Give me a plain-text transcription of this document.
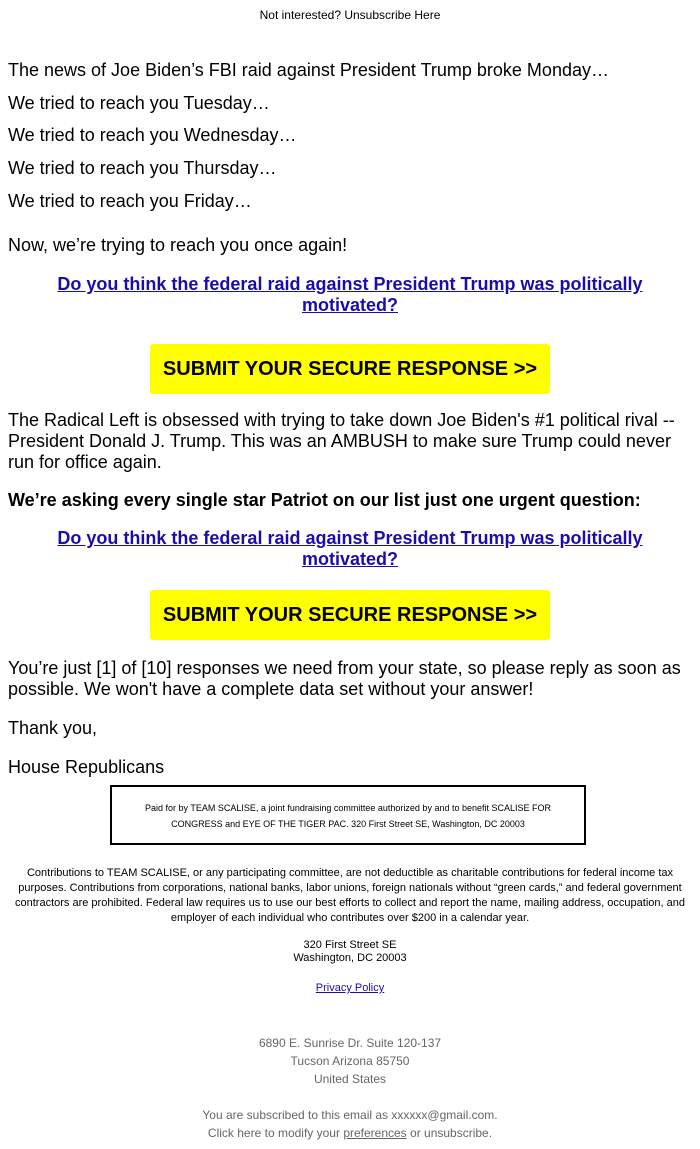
Not interested? Unsubscribe Here
The news of Joe Biden’s FBI raid against President Trump broke Monday…
We tried to reach you Tuesday…
We tried to reach you Wednesday…
We tried to reach you Thursday…
We tried to reach you Friday…
Now, we’re trying to reach you once again!
Do you think the federal raid against President Trump was politically motivated?
SUBMIT YOUR SECURE RESPONSE >>
The Radical Left is obsessed with trying to take down Joe Biden's #1 political rival -- President Donald J. Trump. This was an AMBUSH to make sure Trump could never run for office again.
We’re asking every single star Patriot on our list just one urgent question:
Do you think the federal raid against President Trump was politically motivated?
SUBMIT YOUR SECURE RESPONSE >>
You’re just [1] of [10] responses we need from your state, so please reply as soon as possible. We won't have a complete data set without your answer!
Thank you,
House Republicans
Paid for by TEAM SCALISE, a joint fundraising committee authorized by and to benefit SCALISE FOR CONGRESS and EYE OF THE TIGER PAC. 320 First Street SE, Washington, DC 20003
Contributions to TEAM SCALISE, or any participating committee, are not deductible as charitable contributions for federal income tax purposes. Contributions from corporations, national banks, labor unions, foreign nationals without “green cards,” and federal government contractors are prohibited. Federal law requires us to use our best efforts to collect and report the name, mailing address, occupation, and employer of each individual who contributes over $200 in a calendar year.
320 First Street SE
Washington, DC 20003
Privacy Policy
6890 E. Sunrise Dr. Suite 120-137
Tucson Arizona 85750
United States
You are subscribed to this email as xxxxxx@gmail.com.
Click here to modify your preferences or unsubscribe.
